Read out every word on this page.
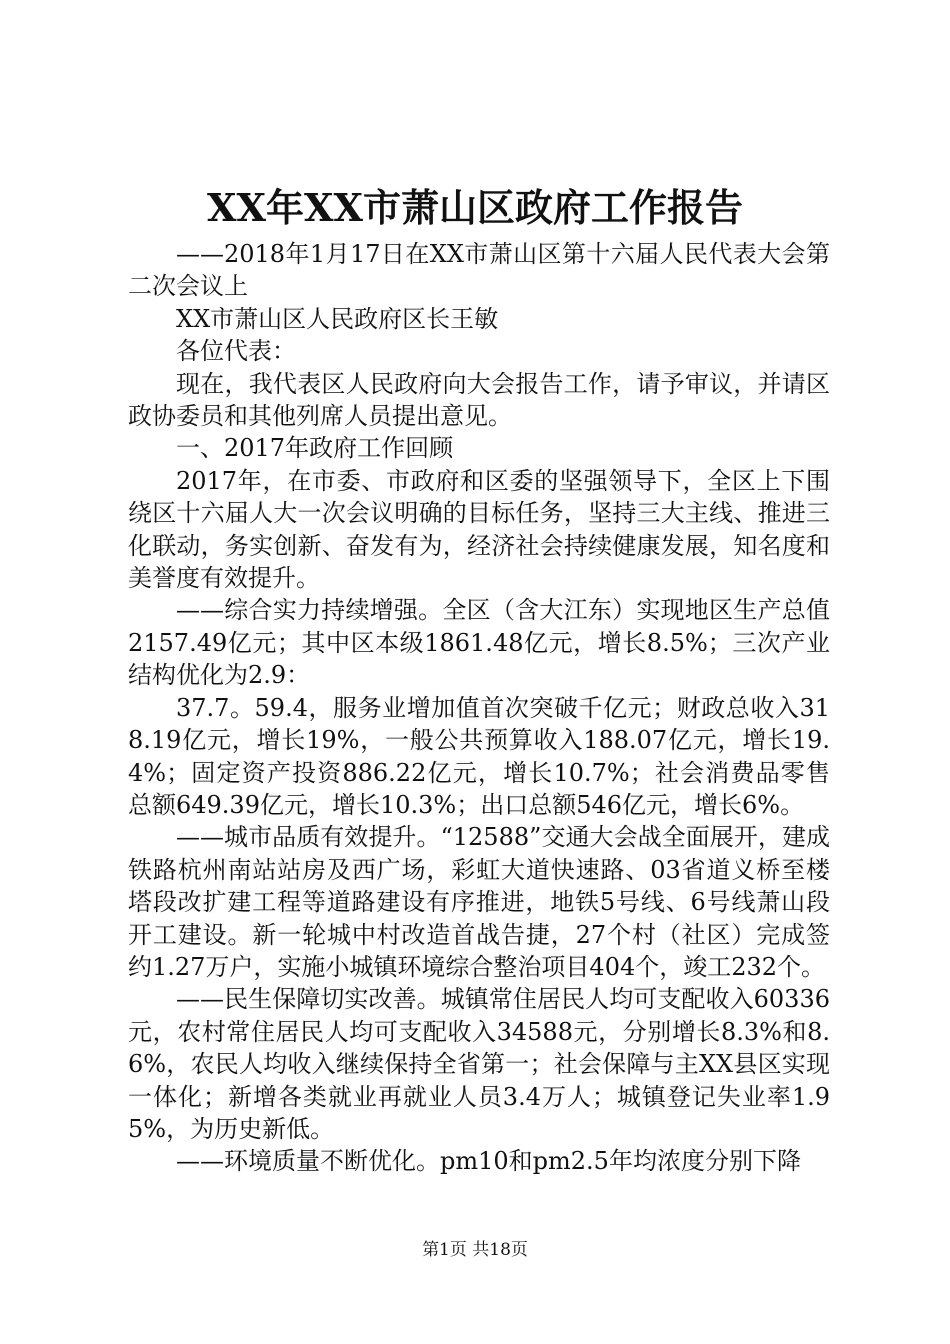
XX年XX市萧山区政府工作报告

——2018年1月17日在XX市萧山区第十六届人民代表大会第二次会议上

XX市萧山区人民政府区长王敏

各位代表：

现在，我代表区人民政府向大会报告工作，请予审议，并请区政协委员和其他列席人员提出意见。

一、2017年政府工作回顾

2017年，在市委、市政府和区委的坚强领导下，全区上下围绕区十六届人大一次会议明确的目标任务，坚持三大主线、推进三化联动，务实创新、奋发有为，经济社会持续健康发展，知名度和美誉度有效提升。

——综合实力持续增强。全区（含大江东）实现地区生产总值2157.49亿元；其中区本级1861.48亿元，增长8.5%；三次产业结构优化为2.9：

37.7。59.4，服务业增加值首次突破千亿元；财政总收入318.19亿元，增长19%，一般公共预算收入188.07亿元，增长19.4%；固定资产投资886.22亿元，增长10.7%；社会消费品零售总额649.39亿元，增长10.3%；出口总额546亿元，增长6%。

——城市品质有效提升。“12588”交通大会战全面展开，建成铁路杭州南站站房及西广场，彩虹大道快速路、03省道义桥至楼塔段改扩建工程等道路建设有序推进，地铁5号线、6号线萧山段开工建设。新一轮城中村改造首战告捷，27个村（社区）完成签约1.27万户，实施小城镇环境综合整治项目404个，竣工232个。

——民生保障切实改善。城镇常住居民人均可支配收入60336元，农村常住居民人均可支配收入34588元，分别增长8.3%和8.6%，农民人均收入继续保持全省第一；社会保障与主XX县区实现一体化；新增各类就业再就业人员3.4万人；城镇登记失业率1.95%，为历史新低。

——环境质量不断优化。pm10和pm2.5年均浓度分别下降

第1页 共18页
